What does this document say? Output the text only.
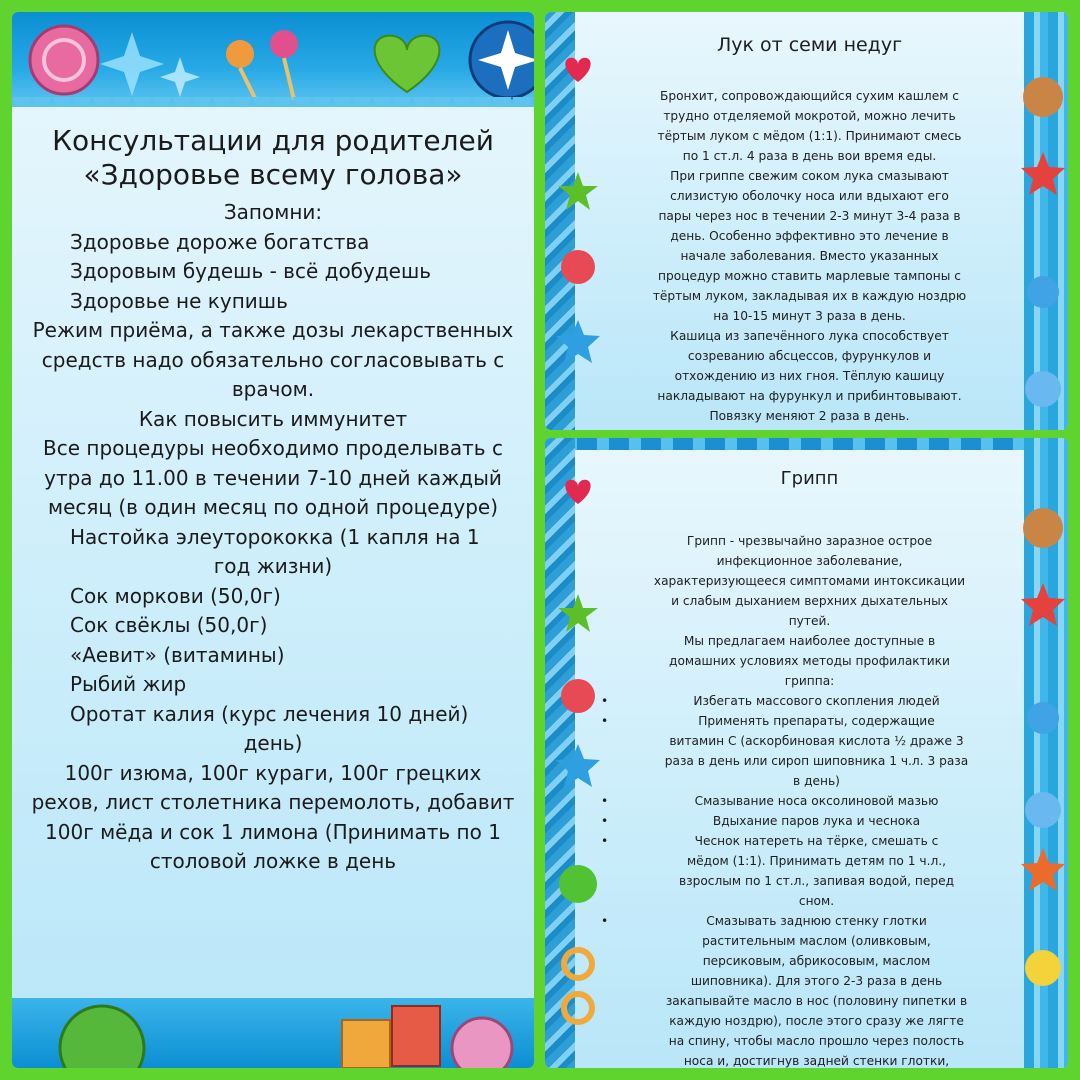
Консультации для родителей

«Здоровье всему голова»

Запомни:

Здоровье дороже богатства

Здоровым будешь - всё добудешь

Здоровье не купишь

Режим приёма, а также дозы лекарственных

средств надо обязательно согласовывать с

врачом.

Как повысить иммунитет

Все процедуры необходимо проделывать с

утра до 11.00 в течении 7-10 дней каждый

месяц (в один месяц по одной процедуре)

Настойка элеуторококка (1 капля на 1

год жизни)

Сок моркови (50,0г)

Сок свёклы (50,0г)

«Аевит» (витамины)

Рыбий жир

Оротат калия (курс лечения 10 дней)

день)

100г изюма, 100г кураги, 100г грецких

рехов, лист столетника перемолоть, добавит

100г мёда и сок 1 лимона (Принимать по 1

столовой ложке в день

Лук от семи недуг

Бронхит, сопровождающийся сухим кашлем с

трудно отделяемой мокротой, можно лечить

тёртым луком с мёдом (1:1). Принимают смесь

по 1 ст.л. 4 раза в день вои время еды.

При гриппе свежим соком лука смазывают

слизистую оболочку носа или вдыхают его

пары через нос в течении 2-3 минут 3-4 раза в

день. Особенно эффективно это лечение в

начале заболевания. Вместо указанных

процедур можно ставить марлевые тампоны с

тёртым луком, закладывая их в каждую ноздрю

на 10-15 минут 3 раза в день.

Кашица из запечённого лука способствует

созреванию абсцессов, фурункулов и

отхождению из них гноя. Тёплую кашицу

накладывают на фурункул и прибинтовывают.

Повязку меняют 2 раза в день.

Грипп

Грипп - чрезвычайно заразное острое

инфекционное заболевание,

характеризующееся симптомами интоксикации

и слабым дыханием верхних дыхательных

путей.

Мы предлагаем наиболее доступные в

домашних условиях методы профилактики

гриппа:

• Избегать массового скопления людей
• Применять препараты, содержащие
витамин С (аскорбиновая кислота ½ драже 3
раза в день или сироп шиповника 1 ч.л. 3 раза
в день)
• Смазывание носа оксолиновой мазью
• Вдыхание паров лука и чеснока
• Чеснок натереть на тёрке, смешать с
мёдом (1:1). Принимать детям по 1 ч.л.,
взрослым по 1 ст.л., запивая водой, перед
сном.
• Смазывать заднюю стенку глотки
растительным маслом (оливковым,
персиковым, абрикосовым, маслом
шиповника). Для этого 2-3 раза в день
закапывайте масло в нос (половину пипетки в
каждую ноздрю), после этого сразу же лягте
на спину, чтобы масло прошло через полость
носа и, достигнув задней стенки глотки,
